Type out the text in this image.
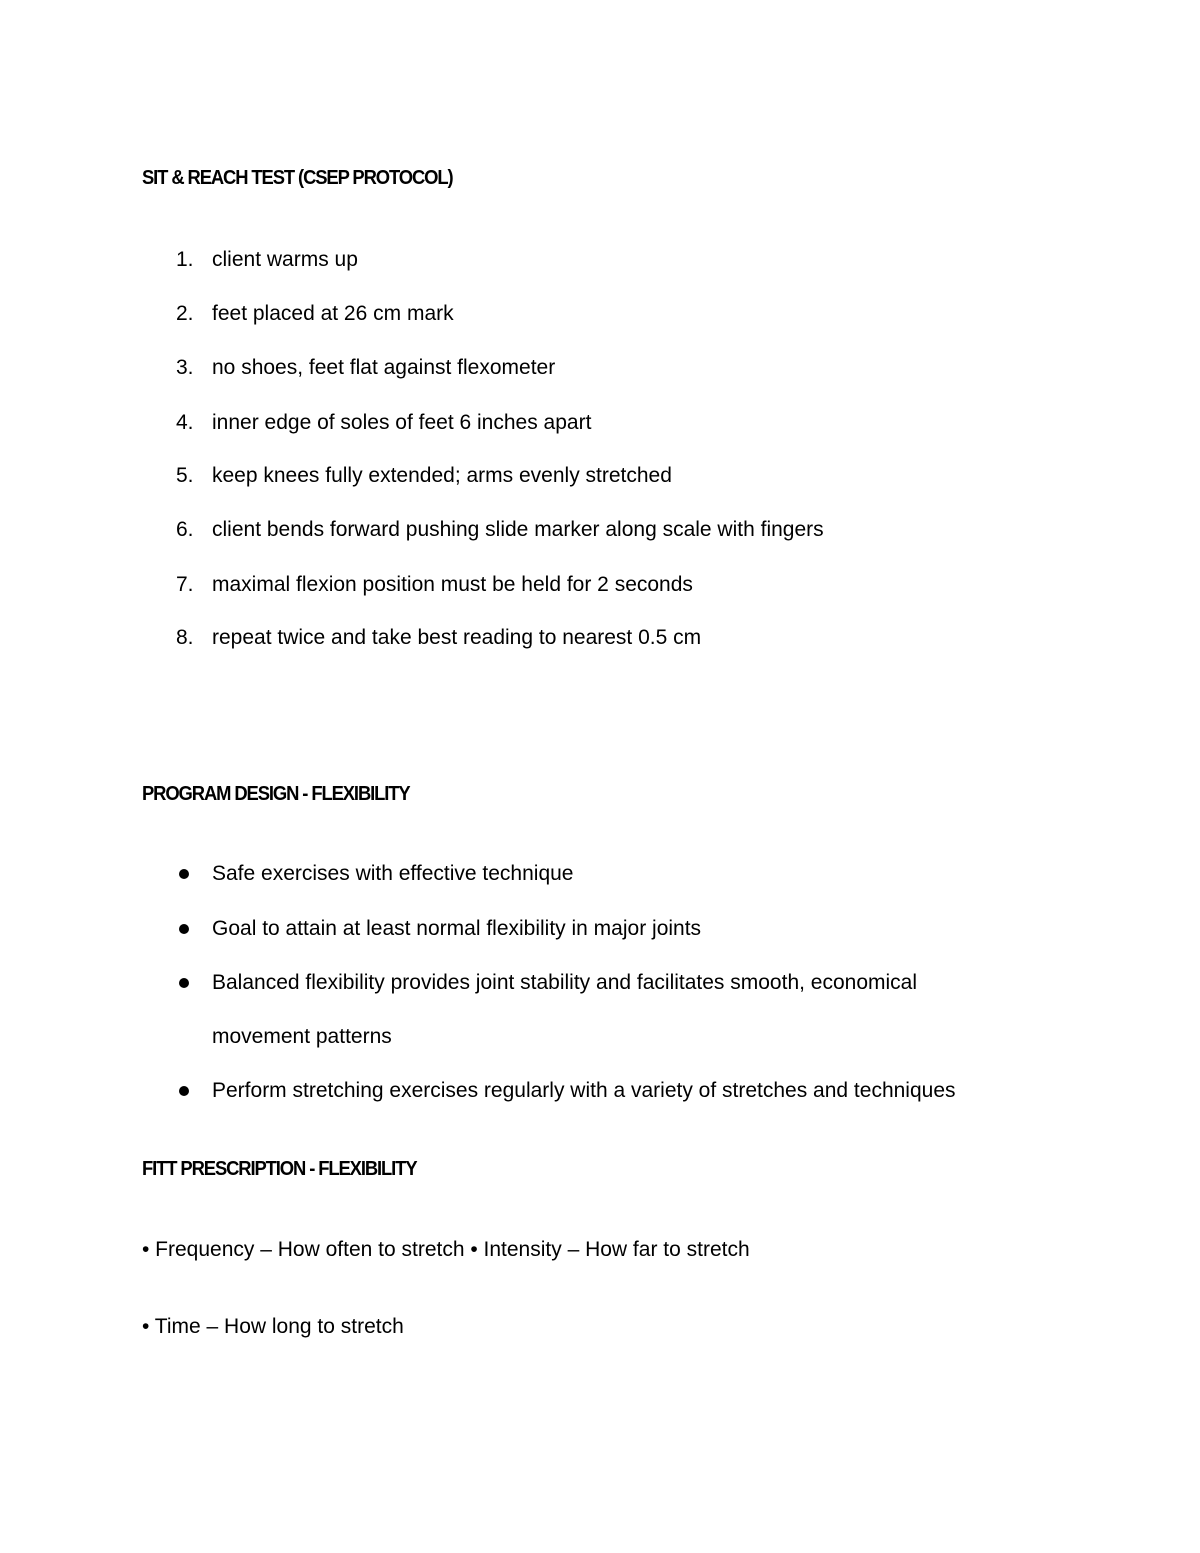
SIT & REACH TEST (CSEP PROTOCOL)
1. client warms up
2. feet placed at 26 cm mark
3. no shoes, feet flat against flexometer
4. inner edge of soles of feet 6 inches apart
5. keep knees fully extended; arms evenly stretched
6. client bends forward pushing slide marker along scale with fingers
7. maximal flexion position must be held for 2 seconds
8. repeat twice and take best reading to nearest 0.5 cm
PROGRAM DESIGN - FLEXIBILITY
Safe exercises with effective technique
Goal to attain at least normal flexibility in major joints
Balanced flexibility provides joint stability and facilitates smooth, economical
movement patterns
Perform stretching exercises regularly with a variety of stretches and techniques
FITT PRESCRIPTION - FLEXIBILITY
• Frequency – How often to stretch • Intensity – How far to stretch
• Time – How long to stretch
